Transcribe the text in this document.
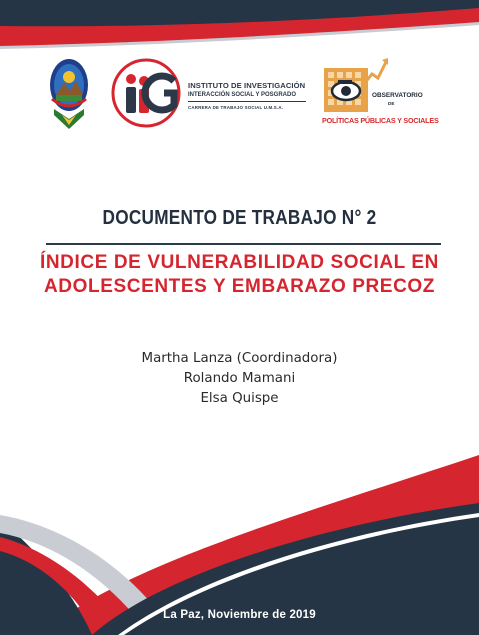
INSTITUTO DE INVESTIGACIÓN
INTERACCIÓN SOCIAL Y POSGRADO
CARRERA DE TRABAJO SOCIAL U.M.S.A.
OBSERVATORIO
DE
POLÍTICAS PÚBLICAS Y SOCIALES
DOCUMENTO DE TRABAJO N° 2
ÍNDICE DE VULNERABILIDAD SOCIAL EN
ADOLESCENTES Y EMBARAZO PRECOZ
Martha Lanza (Coordinadora)
Rolando Mamani
Elsa Quispe
La Paz, Noviembre de 2019
